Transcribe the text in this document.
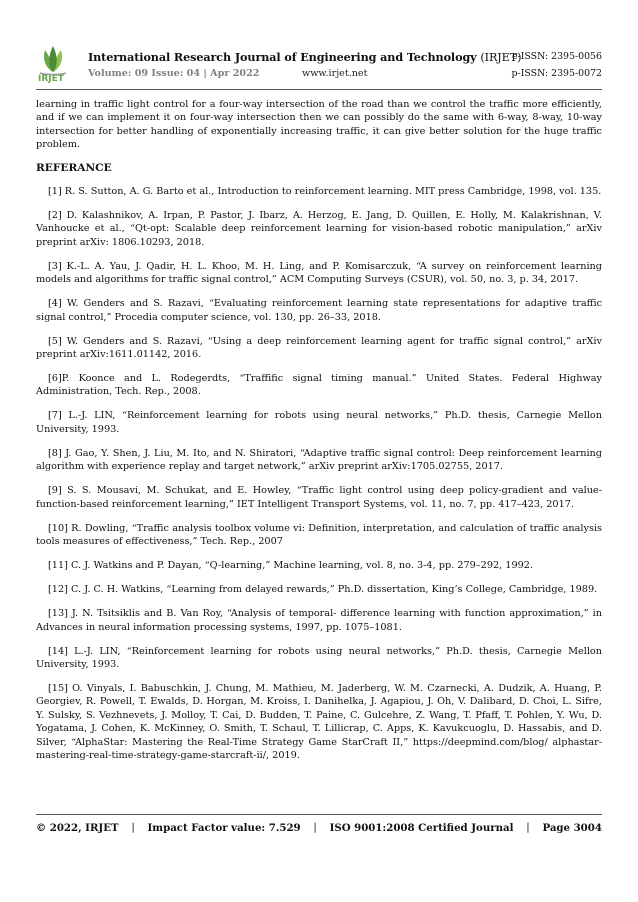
IRJET
International Research Journal of Engineering and Technology (IRJET)
Volume: 09 Issue: 04 | Apr 2022	www.irjet.net
e-ISSN: 2395-0056
p-ISSN: 2395-0072

learning in traffic light control for a four-way intersection of the road than we control the traffic more efficiently, and if we can implement it on four-way intersection then we can possibly do the same with 6-way, 8-way, 10-way intersection for better handling of exponentially increasing traffic, it can give better solution for the huge traffic problem.

REFERANCE

[1] R. S. Sutton, A. G. Barto et al., Introduction to reinforcement learning. MIT press Cambridge, 1998, vol. 135.

[2] D. Kalashnikov, A. Irpan, P. Pastor, J. Ibarz, A. Herzog, E. Jang, D. Quillen, E. Holly, M. Kalakrishnan, V. Vanhoucke et al., “Qt-opt: Scalable deep reinforcement learning for vision-based robotic manipulation,” arXiv preprint arXiv: 1806.10293, 2018.

[3] K.-L. A. Yau, J. Qadir, H. L. Khoo, M. H. Ling, and P. Komisarczuk, “A survey on reinforcement learning models and algorithms for traffic signal control,” ACM Computing Surveys (CSUR), vol. 50, no. 3, p. 34, 2017.

[4] W. Genders and S. Razavi, “Evaluating reinforcement learning state representations for adaptive traffic signal control,” Procedia computer science, vol. 130, pp. 26–33, 2018.

[5] W. Genders and S. Razavi, “Using a deep reinforcement learning agent for traffic signal control,” arXiv preprint arXiv:1611.01142, 2016.

[6]P. Koonce and L. Rodegerdts, “Traffific signal timing manual.” United States. Federal Highway Administration, Tech. Rep., 2008.

[7] L.-J. LIN, “Reinforcement learning for robots using neural networks,” Ph.D. thesis, Carnegie Mellon University, 1993.

[8] J. Gao, Y. Shen, J. Liu, M. Ito, and N. Shiratori, “Adaptive traffic signal control: Deep reinforcement learning algorithm with experience replay and target network,” arXiv preprint arXiv:1705.02755, 2017.

[9] S. S. Mousavi, M. Schukat, and E. Howley, “Traffic light control using deep policy-gradient and value-function-based reinforcement learning,” IET Intelligent Transport Systems, vol. 11, no. 7, pp. 417–423, 2017.

[10] R. Dowling, “Traffic analysis toolbox volume vi: Definition, interpretation, and calculation of traffic analysis tools measures of effectiveness,” Tech. Rep., 2007

[11] C. J. Watkins and P. Dayan, “Q-learning,” Machine learning, vol. 8, no. 3-4, pp. 279–292, 1992.

[12] C. J. C. H. Watkins, “Learning from delayed rewards,” Ph.D. dissertation, King’s College, Cambridge, 1989.

[13] J. N. Tsitsiklis and B. Van Roy, “Analysis of temporal- difference learning with function approximation,” in Advances in neural information processing systems, 1997, pp. 1075–1081.

[14] L.-J. LIN, “Reinforcement learning for robots using neural networks,” Ph.D. thesis, Carnegie Mellon University, 1993.

[15] O. Vinyals, I. Babuschkin, J. Chung, M. Mathieu, M. Jaderberg, W. M. Czarnecki, A. Dudzik, A. Huang, P. Georgiev, R. Powell, T. Ewalds, D. Horgan, M. Kroiss, I. Danihelka, J. Agapiou, J. Oh, V. Dalibard, D. Choi, L. Sifre, Y. Sulsky, S. Vezhnevets, J. Molloy, T. Cai, D. Budden, T. Paine, C. Gulcehre, Z. Wang, T. Pfaff, T. Pohlen, Y. Wu, D. Yogatama, J. Cohen, K. McKinney, O. Smith, T. Schaul, T. Lillicrap, C. Apps, K. Kavukcuoglu, D. Hassabis, and D. Silver, “AlphaStar: Mastering the Real-Time Strategy Game StarCraft II,” https://deepmind.com/blog/ alphastar-mastering-real-time-strategy-game-starcraft-ii/, 2019.

© 2022, IRJET | Impact Factor value: 7.529 | ISO 9001:2008 Certified Journal | Page 3004
